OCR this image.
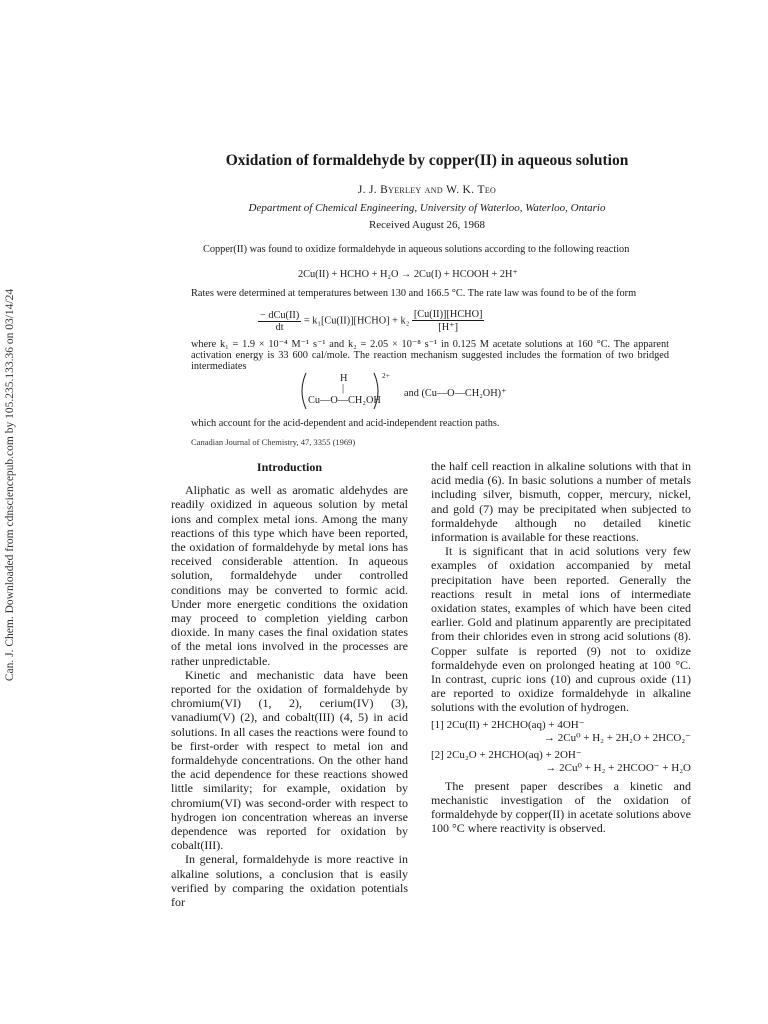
Can. J. Chem. Downloaded from cdnsciencepub.com by 105.235.133.36 on 03/14/24
Oxidation of formaldehyde by copper(II) in aqueous solution
J. J. Byerley and W. K. Teo
Department of Chemical Engineering, University of Waterloo, Waterloo, Ontario
Received August 26, 1968
Copper(II) was found to oxidize formaldehyde in aqueous solutions according to the following reaction
2Cu(II) + HCHO + H₂O → 2Cu(I) + HCOOH + 2H⁺
Rates were determined at temperatures between 130 and 166.5 °C. The rate law was found to be of the form
$\frac{\text{− dCu(II)}}{dt}$ = k₁[Cu(II)][HCHO] + $k_2 \frac{\text{[Cu(II)][HCHO]}}{[H^+]}$
where k₁ = 1.9 × 10⁻⁴ M⁻¹ s⁻¹ and k₂ = 2.05 × 10⁻⁸ s⁻¹ in 0.125 M acetate solutions at 160 °C. The apparent activation energy is 33 600 cal/mole. The reaction mechanism suggested includes the formation of two bridged intermediates
H
|
Cu—O—CH₂OH
2+
and (Cu—O—CH₂OH)⁺
which account for the acid-dependent and acid-independent reaction paths.
Canadian Journal of Chemistry, 47, 3355 (1969)
Introduction

Aliphatic as well as aromatic aldehydes are readily oxidized in aqueous solution by metal ions and complex metal ions. Among the many reactions of this type which have been reported, the oxidation of formaldehyde by metal ions has received considerable attention. In aqueous solution, formaldehyde under controlled conditions may be converted to formic acid. Under more energetic conditions the oxidation may proceed to completion yielding carbon dioxide. In many cases the final oxidation states of the metal ions involved in the processes are rather unpredictable.

Kinetic and mechanistic data have been reported for the oxidation of formaldehyde by chromium(VI) (1, 2), cerium(IV) (3), vanadium(V) (2), and cobalt(III) (4, 5) in acid solutions. In all cases the reactions were found to be first-order with respect to metal ion and formaldehyde concentrations. On the other hand the acid dependence for these reactions showed little similarity; for example, oxidation by chromium(VI) was second-order with respect to hydrogen ion concentration whereas an inverse dependence was reported for oxidation by cobalt(III).

In general, formaldehyde is more reactive in alkaline solutions, a conclusion that is easily verified by comparing the oxidation potentials for

the half cell reaction in alkaline solutions with that in acid media (6). In basic solutions a number of metals including silver, bismuth, copper, mercury, nickel, and gold (7) may be precipitated when subjected to formaldehyde although no detailed kinetic information is available for these reactions.

It is significant that in acid solutions very few examples of oxidation accompanied by metal precipitation have been reported. Generally the reactions result in metal ions of intermediate oxidation states, examples of which have been cited earlier. Gold and platinum apparently are precipitated from their chlorides even in strong acid solutions (8). Copper sulfate is reported (9) not to oxidize formaldehyde even on prolonged heating at 100 °C. In contrast, cupric ions (10) and cuprous oxide (11) are reported to oxidize formaldehyde in alkaline solutions with the evolution of hydrogen.

[1] 2Cu(II) + 2HCHO(aq) + 4OH⁻
→ 2Cu⁰ + H₂ + 2H₂O + 2HCO₂⁻
[2] 2Cu₂O + 2HCHO(aq) + 2OH⁻
→ 2Cu⁰ + H₂ + 2HCOO⁻ + H₂O

The present paper describes a kinetic and mechanistic investigation of the oxidation of formaldehyde by copper(II) in acetate solutions above 100 °C where reactivity is observed.
